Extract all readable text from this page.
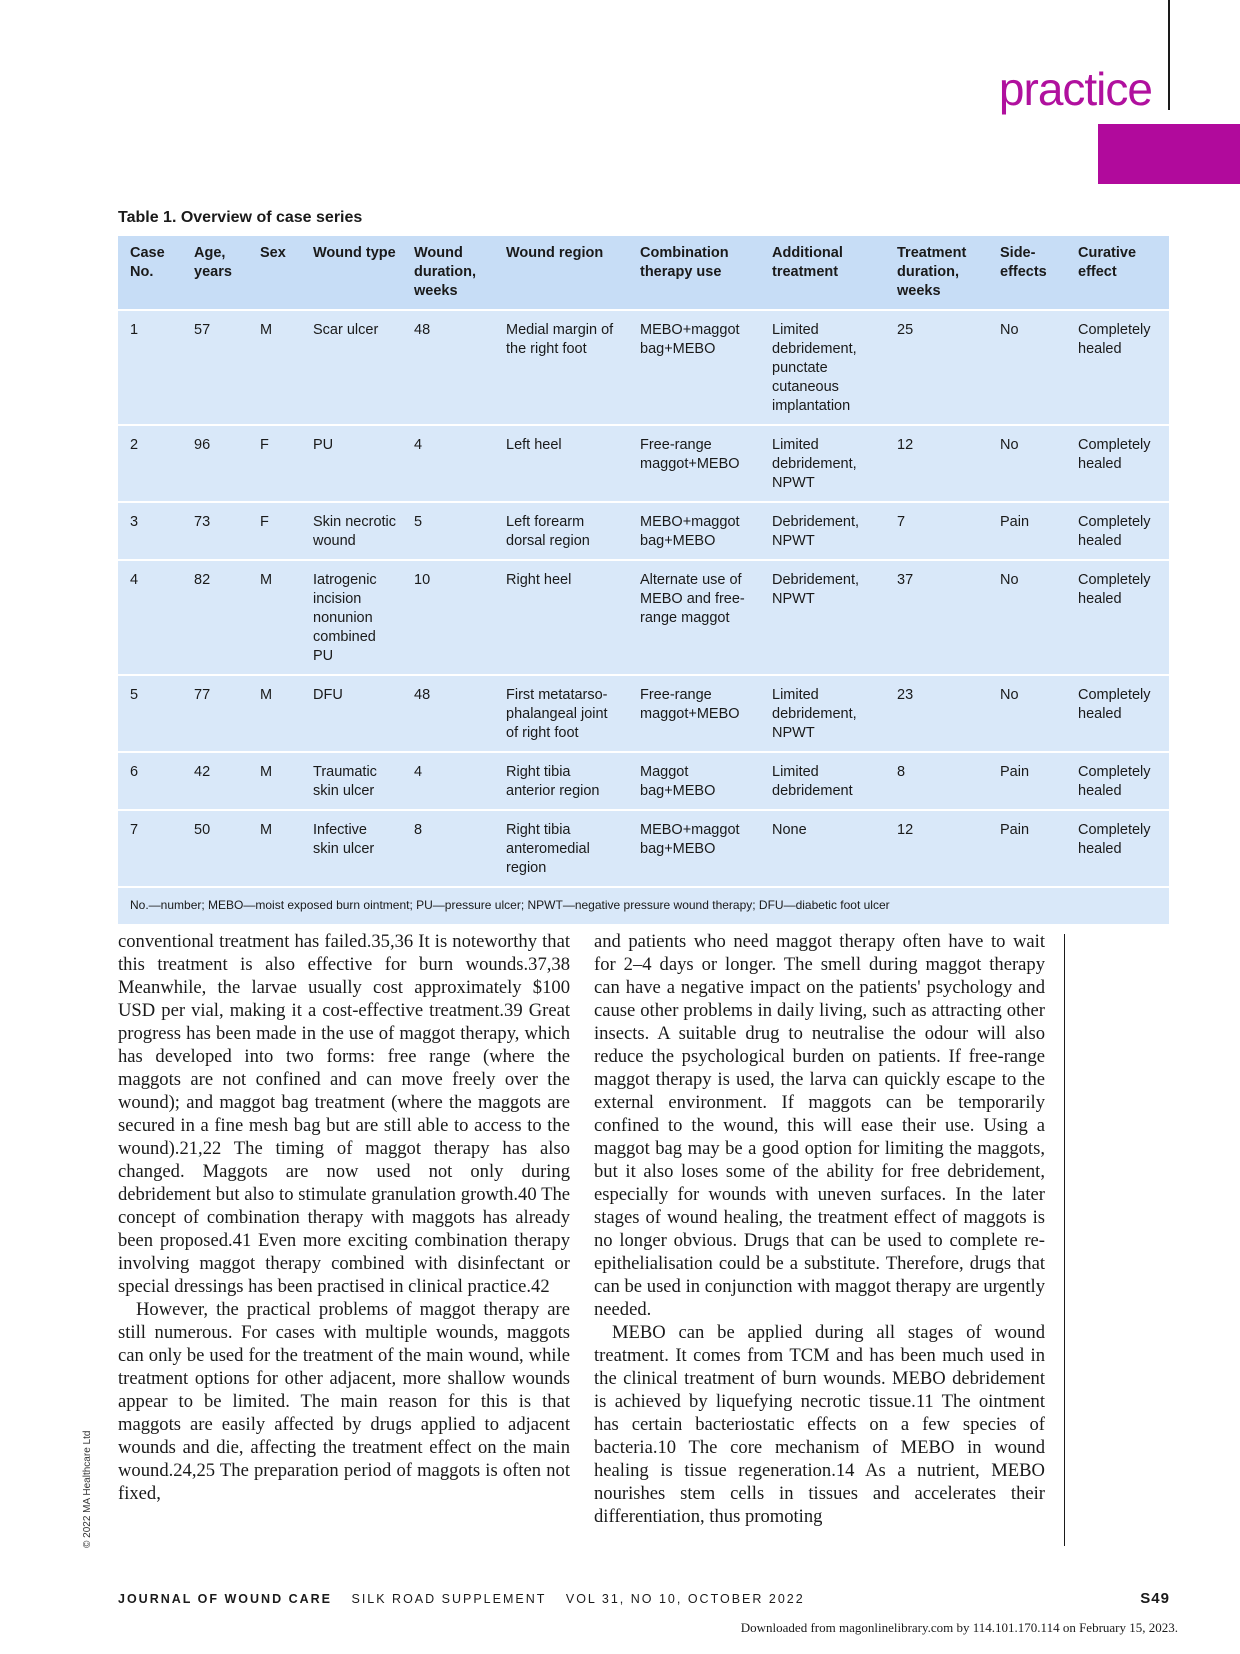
practice
Table 1. Overview of case series
Case No.	Age, years	Sex	Wound type	Wound duration, weeks	Wound region	Combination therapy use	Additional treatment	Treatment duration, weeks	Side-effects	Curative effect
1	57	M	Scar ulcer	48	Medial margin of the right foot	MEBO+maggot bag+MEBO	Limited debridement, punctate cutaneous implantation	25	No	Completely healed
2	96	F	PU	4	Left heel	Free-range maggot+MEBO	Limited debridement, NPWT	12	No	Completely healed
3	73	F	Skin necrotic wound	5	Left forearm dorsal region	MEBO+maggot bag+MEBO	Debridement, NPWT	7	Pain	Completely healed
4	82	M	Iatrogenic incision nonunion combined PU	10	Right heel	Alternate use of MEBO and free-range maggot	Debridement, NPWT	37	No	Completely healed
5	77	M	DFU	48	First metatarso-phalangeal joint of right foot	Free-range maggot+MEBO	Limited debridement, NPWT	23	No	Completely healed
6	42	M	Traumatic skin ulcer	4	Right tibia anterior region	Maggot bag+MEBO	Limited debridement	8	Pain	Completely healed
7	50	M	Infective skin ulcer	8	Right tibia anteromedial region	MEBO+maggot bag+MEBO	None	12	Pain	Completely healed
No.—number; MEBO—moist exposed burn ointment; PU—pressure ulcer; NPWT—negative pressure wound therapy; DFU—diabetic foot ulcer										

conventional treatment has failed.35,36 It is noteworthy that this treatment is also effective for burn wounds.37,38 Meanwhile, the larvae usually cost approximately $100 USD per vial, making it a cost-effective treatment.39 Great progress has been made in the use of maggot therapy, which has developed into two forms: free range (where the maggots are not confined and can move freely over the wound); and maggot bag treatment (where the maggots are secured in a fine mesh bag but are still able to access to the wound).21,22 The timing of maggot therapy has also changed. Maggots are now used not only during debridement but also to stimulate granulation growth.40 The concept of combination therapy with maggots has already been proposed.41 Even more exciting combination therapy involving maggot therapy combined with disinfectant or special dressings has been practised in clinical practice.42

However, the practical problems of maggot therapy are still numerous. For cases with multiple wounds, maggots can only be used for the treatment of the main wound, while treatment options for other adjacent, more shallow wounds appear to be limited. The main reason for this is that maggots are easily affected by drugs applied to adjacent wounds and die, affecting the treatment effect on the main wound.24,25 The preparation period of maggots is often not fixed,

and patients who need maggot therapy often have to wait for 2–4 days or longer. The smell during maggot therapy can have a negative impact on the patients' psychology and cause other problems in daily living, such as attracting other insects. A suitable drug to neutralise the odour will also reduce the psychological burden on patients. If free-range maggot therapy is used, the larva can quickly escape to the external environment. If maggots can be temporarily confined to the wound, this will ease their use. Using a maggot bag may be a good option for limiting the maggots, but it also loses some of the ability for free debridement, especially for wounds with uneven surfaces. In the later stages of wound healing, the treatment effect of maggots is no longer obvious. Drugs that can be used to complete re-epithelialisation could be a substitute. Therefore, drugs that can be used in conjunction with maggot therapy are urgently needed.

MEBO can be applied during all stages of wound treatment. It comes from TCM and has been much used in the clinical treatment of burn wounds. MEBO debridement is achieved by liquefying necrotic tissue.11 The ointment has certain bacteriostatic effects on a few species of bacteria.10 The core mechanism of MEBO in wound healing is tissue regeneration.14 As a nutrient, MEBO nourishes stem cells in tissues and accelerates their differentiation, thus promoting

© 2022 MA Healthcare Ltd
JOURNAL OF WOUND CARE SILK ROAD SUPPLEMENT VOL 31, NO 10, OCTOBER 2022	S49
Downloaded from magonlinelibrary.com by 114.101.170.114 on February 15, 2023.
